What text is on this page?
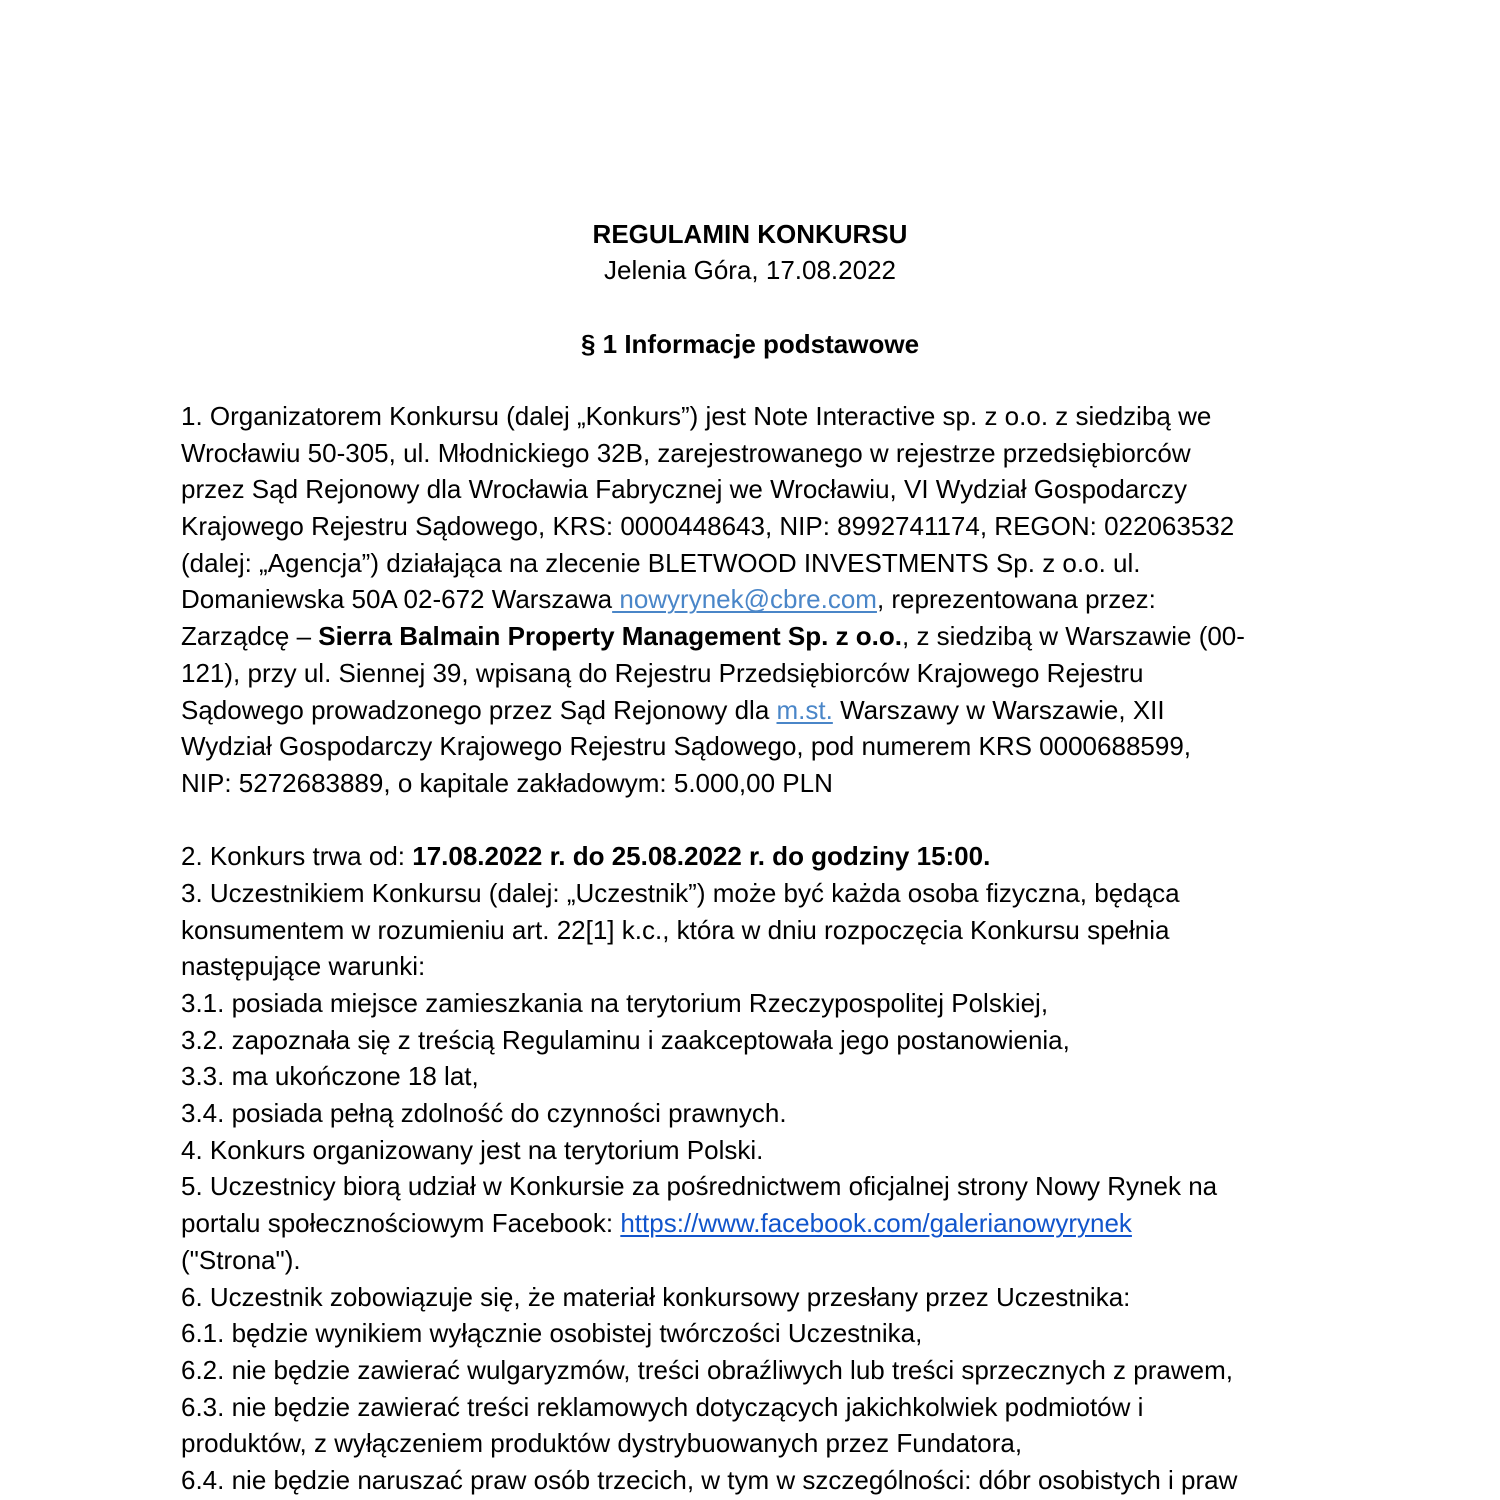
REGULAMIN KONKURSU
Jelenia Góra, 17.08.2022
§ 1 Informacje podstawowe
1. Organizatorem Konkursu (dalej „Konkurs”) jest Note Interactive sp. z o.o. z siedzibą we
Wrocławiu 50-305, ul. Młodnickiego 32B, zarejestrowanego w rejestrze przedsiębiorców
przez Sąd Rejonowy dla Wrocławia Fabrycznej we Wrocławiu, VI Wydział Gospodarczy
Krajowego Rejestru Sądowego, KRS: 0000448643, NIP: 8992741174, REGON: 022063532
(dalej: „Agencja”) działająca na zlecenie BLETWOOD INVESTMENTS Sp. z o.o. ul.
Domaniewska 50A 02-672 Warszawa nowyrynek@cbre.com, reprezentowana przez:
Zarządcę – Sierra Balmain Property Management Sp. z o.o., z siedzibą w Warszawie (00-
121), przy ul. Siennej 39, wpisaną do Rejestru Przedsiębiorców Krajowego Rejestru
Sądowego prowadzonego przez Sąd Rejonowy dla m.st. Warszawy w Warszawie, XII
Wydział Gospodarczy Krajowego Rejestru Sądowego, pod numerem KRS 0000688599,
NIP: 5272683889, o kapitale zakładowym: 5.000,00 PLN
2. Konkurs trwa od: 17.08.2022 r. do 25.08.2022 r. do godziny 15:00.
3. Uczestnikiem Konkursu (dalej: „Uczestnik”) może być każda osoba fizyczna, będąca
konsumentem w rozumieniu art. 22[1] k.c., która w dniu rozpoczęcia Konkursu spełnia
następujące warunki:
3.1. posiada miejsce zamieszkania na terytorium Rzeczypospolitej Polskiej,
3.2. zapoznała się z treścią Regulaminu i zaakceptowała jego postanowienia,
3.3. ma ukończone 18 lat,
3.4. posiada pełną zdolność do czynności prawnych.
4. Konkurs organizowany jest na terytorium Polski.
5. Uczestnicy biorą udział w Konkursie za pośrednictwem oficjalnej strony Nowy Rynek na
portalu społecznościowym Facebook: https://www.facebook.com/galerianowyrynek
("Strona").
6. Uczestnik zobowiązuje się, że materiał konkursowy przesłany przez Uczestnika:
6.1. będzie wynikiem wyłącznie osobistej twórczości Uczestnika,
6.2. nie będzie zawierać wulgaryzmów, treści obraźliwych lub treści sprzecznych z prawem,
6.3. nie będzie zawierać treści reklamowych dotyczących jakichkolwiek podmiotów i
produktów, z wyłączeniem produktów dystrybuowanych przez Fundatora,
6.4. nie będzie naruszać praw osób trzecich, w tym w szczególności: dóbr osobistych i praw
